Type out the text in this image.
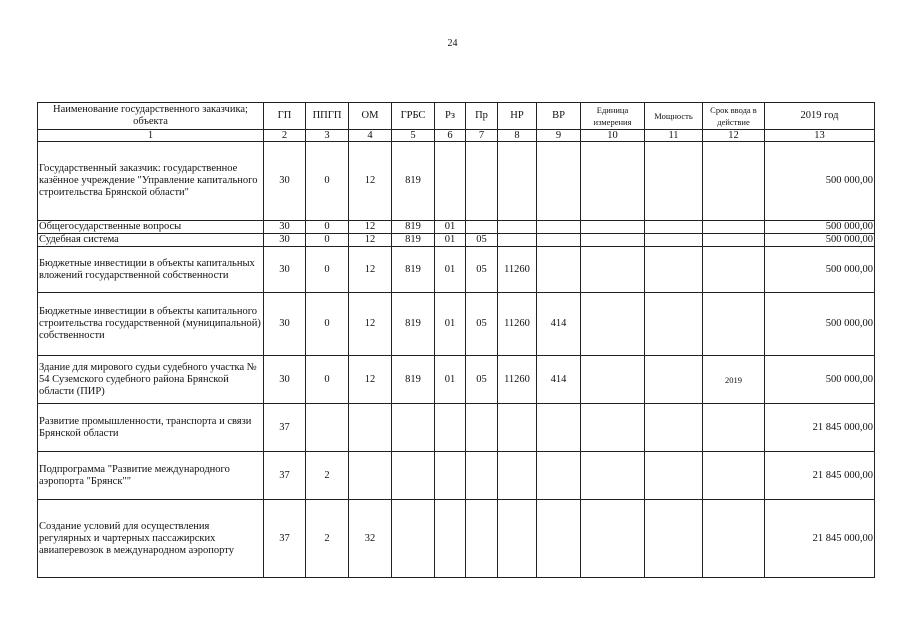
24
Наименование государственного заказчика; объекта	ГП	ППГП	ОМ	ГРБС	Рз	Пр	НР	ВР	Единица измерения	Мощность	Срок ввода в действие	2019 год
1	2	3	4	5	6	7	8	9	10	11	12	13
Государственный заказчик: государственное казённое учреждение "Управление капитального строительства Брянской области"	30	0	12	819								500 000,00
Общегосударственные вопросы	30	0	12	819	01							500 000,00
Судебная система	30	0	12	819	01	05						500 000,00
Бюджетные инвестиции в объекты капитальных вложений государственной собственности	30	0	12	819	01	05	11260					500 000,00
Бюджетные инвестиции в объекты капитального строительства государственной (муниципальной) собственности	30	0	12	819	01	05	11260	414				500 000,00
Здание для мирового судьи судебного участка № 54 Суземского судебного района Брянской области (ПИР)	30	0	12	819	01	05	11260	414			2019	500 000,00
Развитие промышленности, транспорта и связи Брянской области	37											21 845 000,00
Подпрограмма "Развитие международного аэропорта "Брянск""	37	2										21 845 000,00
Создание условий для осуществления регулярных и чартерных пассажирских авиаперевозок в международном аэропорту	37	2	32									21 845 000,00
